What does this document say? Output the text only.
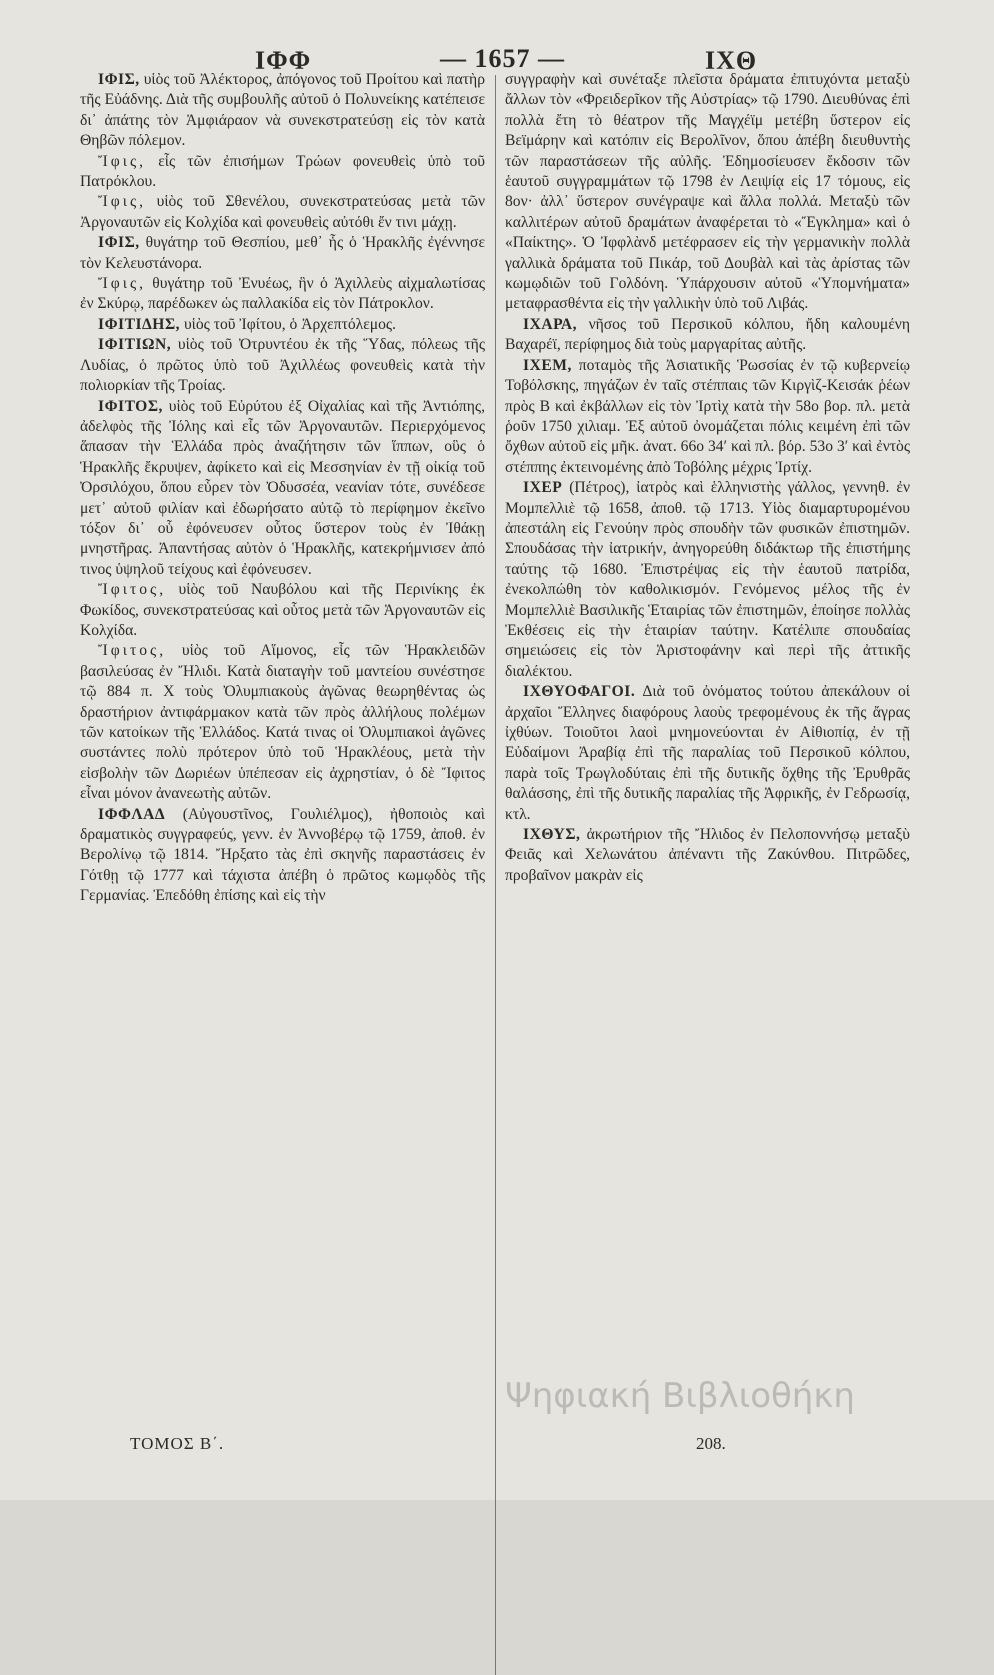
ΙΦΦ	— 1657 —	ΙΧΘ

ΙΦΙΣ, υἱὸς τοῦ Ἀλέκτορος, ἀπόγονος τοῦ Προίτου καὶ πατὴρ τῆς Εὐάδνης. Διὰ τῆς συμβουλῆς αὐτοῦ ὁ Πολυνείκης κατέπεισε δι᾽ ἀπάτης τὸν Ἀμφιάραον νὰ συνεκστρατεύσῃ εἰς τὸν κατὰ Θηβῶν πόλεμον.

Ἴφις, εἷς τῶν ἐπισήμων Τρώων φονευθεὶς ὑπὸ τοῦ Πατρόκλου.

Ἴφις, υἱὸς τοῦ Σθενέλου, συνεκστρατεύσας μετὰ τῶν Ἀργοναυτῶν εἰς Κολχίδα καὶ φονευθεὶς αὐτόθι ἔν τινι μάχῃ.

ΙΦΙΣ, θυγάτηρ τοῦ Θεσπίου, μεθ᾽ ἧς ὁ Ἡρακλῆς ἐγέννησε τὸν Κελευστάνορα.

Ἴφις, θυγάτηρ τοῦ Ἐνυέως, ἣν ὁ Ἀχιλλεὺς αἰχμαλωτίσας ἐν Σκύρῳ, παρέδωκεν ὡς παλλακίδα εἰς τὸν Πάτροκλον.

ΙΦΙΤΙΔΗΣ, υἱὸς τοῦ Ἰφίτου, ὁ Ἀρχεπτόλεμος.

ΙΦΙΤΙΩΝ, υἱὸς τοῦ Ὀτρυντέου ἐκ τῆς Ὕδας, πόλεως τῆς Λυδίας, ὁ πρῶτος ὑπὸ τοῦ Ἀχιλλέως φονευθεὶς κατὰ τὴν πολιορκίαν τῆς Τροίας.

ΙΦΙΤΟΣ, υἱὸς τοῦ Εὐρύτου ἐξ Οἰχαλίας καὶ τῆς Ἀντιόπης, ἀδελφὸς τῆς Ἰόλης καὶ εἷς τῶν Ἀργοναυτῶν. Περιερχόμενος ἅπασαν τὴν Ἑλλάδα πρὸς ἀναζήτησιν τῶν ἵππων, οὓς ὁ Ἡρακλῆς ἔκρυψεν, ἀφίκετο καὶ εἰς Μεσσηνίαν ἐν τῇ οἰκίᾳ τοῦ Ὀρσιλόχου, ὅπου εὗρεν τὸν Ὀδυσσέα, νεανίαν τότε, συνέδεσε μετ᾽ αὐτοῦ φιλίαν καὶ ἐδωρήσατο αὐτῷ τὸ περίφημον ἐκεῖνο τόξον δι᾽ οὗ ἐφόνευσεν οὗτος ὕστερον τοὺς ἐν Ἰθάκῃ μνηστῆρας. Ἀπαντήσας αὐτὸν ὁ Ἡρακλῆς, κατεκρήμνισεν ἀπό τινος ὑψηλοῦ τείχους καὶ ἐφόνευσεν.

Ἴφιτος, υἱὸς τοῦ Ναυβόλου καὶ τῆς Περινίκης ἐκ Φωκίδος, συνεκστρατεύσας καὶ οὗτος μετὰ τῶν Ἀργοναυτῶν εἰς Κολχίδα.

Ἴφιτος, υἱὸς τοῦ Αἵμονος, εἷς τῶν Ἡρακλειδῶν βασιλεύσας ἐν Ἤλιδι. Κατὰ διαταγὴν τοῦ μαντείου συνέστησε τῷ 884 π. Χ τοὺς Ὀλυμπιακοὺς ἀγῶνας θεωρηθέντας ὡς δραστήριον ἀντιφάρμακον κατὰ τῶν πρὸς ἀλλήλους πολέμων τῶν κατοίκων τῆς Ἑλλάδος. Κατά τινας οἱ Ὀλυμπιακοὶ ἀγῶνες συστάντες πολὺ πρότερον ὑπὸ τοῦ Ἡρακλέους, μετὰ τὴν εἰσβολὴν τῶν Δωριέων ὑπέπεσαν εἰς ἀχρηστίαν, ὁ δὲ Ἴφιτος εἶναι μόνον ἀνανεωτὴς αὐτῶν.

ΙΦΦΛΑΔ (Αὐγουστῖνος, Γουλιέλμος), ἠθοποιὸς καὶ δραματικὸς συγγραφεύς, γενν. ἐν Ἀννοβέρῳ τῷ 1759, ἀποθ. ἐν Βερολίνῳ τῷ 1814. Ἤρξατο τὰς ἐπὶ σκηνῆς παραστάσεις ἐν Γότθῃ τῷ 1777 καὶ τάχιστα ἀπέβη ὁ πρῶτος κωμῳδὸς τῆς Γερμανίας. Ἐπεδόθη ἐπίσης καὶ εἰς τὴν

συγγραφὴν καὶ συνέταξε πλεῖστα δράματα ἐπιτυχόντα μεταξὺ ἄλλων τὸν «Φρειδερῖκον τῆς Αὐστρίας» τῷ 1790. Διευθύνας ἐπὶ πολλὰ ἔτη τὸ θέατρον τῆς Μαγχέϊμ μετέβη ὕστερον εἰς Βεϊμάρην καὶ κατόπιν εἰς Βερολῖνον, ὅπου ἀπέβη διευθυντὴς τῶν παραστάσεων τῆς αὐλῆς. Ἐδημοσίευσεν ἔκδοσιν τῶν ἑαυτοῦ συγγραμμάτων τῷ 1798 ἐν Λειψίᾳ εἰς 17 τόμους, εἰς 8ον· ἀλλ᾽ ὕστερον συνέγραψε καὶ ἄλλα πολλά. Μεταξὺ τῶν καλλιτέρων αὐτοῦ δραμάτων ἀναφέρεται τὸ «Ἔγκλημα» καὶ ὁ «Παίκτης». Ὁ Ἰφφλὰνδ μετέφρασεν εἰς τὴν γερμανικὴν πολλὰ γαλλικὰ δράματα τοῦ Πικάρ, τοῦ Δουβὰλ καὶ τὰς ἀρίστας τῶν κωμῳδιῶν τοῦ Γολδόνη. Ὑπάρχουσιν αὐτοῦ «Ὑπομνήματα» μεταφρασθέντα εἰς τὴν γαλλικὴν ὑπὸ τοῦ Λιβάς.

ΙΧΑΡΑ, νῆσος τοῦ Περσικοῦ κόλπου, ἤδη καλουμένη Βαχαρέϊ, περίφημος διὰ τοὺς μαργαρίτας αὐτῆς.

ΙΧΕΜ, ποταμὸς τῆς Ἀσιατικῆς Ῥωσσίας ἐν τῷ κυβερνείῳ Τοβόλσκης, πηγάζων ἐν ταῖς στέππαις τῶν Κιργὶζ-Κεισάκ ῥέων πρὸς Β καὶ ἐκβάλλων εἰς τὸν Ἰρτὶχ κατὰ τὴν 58ο βορ. πλ. μετὰ ῥοῦν 1750 χιλιαμ. Ἐξ αὐτοῦ ὀνομάζεται πόλις κειμένη ἐπὶ τῶν ὄχθων αὐτοῦ εἰς μῆκ. ἀνατ. 66ο 34′ καὶ πλ. βόρ. 53ο 3′ καὶ ἐντὸς στέππης ἐκτεινομένης ἀπὸ Τοβόλης μέχρις Ἰρτίχ.

ΙΧΕΡ (Πέτρος), ἰατρὸς καὶ ἑλληνιστὴς γάλλος, γεννηθ. ἐν Μομπελλιὲ τῷ 1658, ἀποθ. τῷ 1713. Υἱὸς διαμαρτυρομένου ἀπεστάλη εἰς Γενούην πρὸς σπουδὴν τῶν φυσικῶν ἐπιστημῶν. Σπουδάσας τὴν ἰατρικήν, ἀνηγορεύθη διδάκτωρ τῆς ἐπιστήμης ταύτης τῷ 1680. Ἐπιστρέψας εἰς τὴν ἑαυτοῦ πατρίδα, ἐνεκολπώθη τὸν καθολικισμόν. Γενόμενος μέλος τῆς ἐν Μομπελλιὲ Βασιλικῆς Ἑταιρίας τῶν ἐπιστημῶν, ἐποίησε πολλὰς Ἐκθέσεις εἰς τὴν ἑταιρίαν ταύτην. Κατέλιπε σπουδαίας σημειώσεις εἰς τὸν Ἀριστοφάνην καὶ περὶ τῆς ἀττικῆς διαλέκτου.

ΙΧΘΥΟΦΑΓΟΙ. Διὰ τοῦ ὀνόματος τούτου ἀπεκάλουν οἱ ἀρχαῖοι Ἕλληνες διαφόρους λαοὺς τρεφομένους ἐκ τῆς ἄγρας ἰχθύων. Τοιοῦτοι λαοὶ μνημονεύονται ἐν Αἰθιοπίᾳ, ἐν τῇ Εὐδαίμονι Ἀραβίᾳ ἐπὶ τῆς παραλίας τοῦ Περσικοῦ κόλπου, παρὰ τοῖς Τρωγλοδύταις ἐπὶ τῆς δυτικῆς ὄχθης τῆς Ἐρυθρᾶς θαλάσσης, ἐπὶ τῆς δυτικῆς παραλίας τῆς Ἀφρικῆς, ἐν Γεδρωσίᾳ, κτλ.

ΙΧΘΥΣ, ἀκρωτήριον τῆς Ἤλιδος ἐν Πελοποννήσῳ μεταξὺ Φειᾶς καὶ Χελωνάτου ἀπέναντι τῆς Ζακύνθου. Πιτρῶδες, προβαῖνον μακρὰν εἰς

Ψηφιακή Βιβλιοθήκη
ΤΟΜΟΣ Β΄.	208.
